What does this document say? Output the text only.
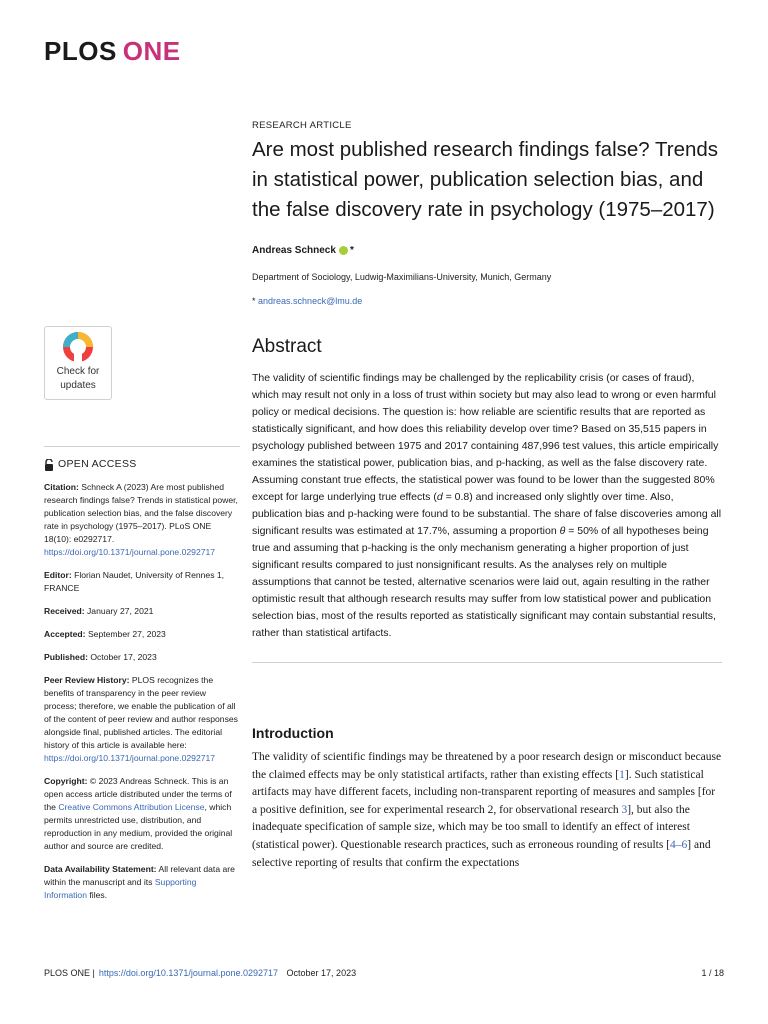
PLOS ONE
Check for
updates
OPEN ACCESS
Citation: Schneck A (2023) Are most published research findings false? Trends in statistical power, publication selection bias, and the false discovery rate in psychology (1975–2017). PLoS ONE 18(10): e0292717. https://doi.org/10.1371/journal.pone.0292717
Editor: Florian Naudet, University of Rennes 1, FRANCE
Received: January 27, 2021
Accepted: September 27, 2023
Published: October 17, 2023
Peer Review History: PLOS recognizes the benefits of transparency in the peer review process; therefore, we enable the publication of all of the content of peer review and author responses alongside final, published articles. The editorial history of this article is available here: https://doi.org/10.1371/journal.pone.0292717
Copyright: © 2023 Andreas Schneck. This is an open access article distributed under the terms of the Creative Commons Attribution License, which permits unrestricted use, distribution, and reproduction in any medium, provided the original author and source are credited.
Data Availability Statement: All relevant data are within the manuscript and its Supporting Information files.
RESEARCH ARTICLE
Are most published research findings false? Trends in statistical power, publication selection bias, and the false discovery rate in psychology (1975–2017)
Andreas Schneck *
Department of Sociology, Ludwig-Maximilians-University, Munich, Germany
* andreas.schneck@lmu.de
Abstract
The validity of scientific findings may be challenged by the replicability crisis (or cases of fraud), which may result not only in a loss of trust within society but may also lead to wrong or even harmful policy or medical decisions. The question is: how reliable are scientific results that are reported as statistically significant, and how does this reliability develop over time? Based on 35,515 papers in psychology published between 1975 and 2017 containing 487,996 test values, this article empirically examines the statistical power, publication bias, and p-hacking, as well as the false discovery rate. Assuming constant true effects, the statistical power was found to be lower than the suggested 80% except for large underlying true effects (d = 0.8) and increased only slightly over time. Also, publication bias and p-hacking were found to be substantial. The share of false discoveries among all significant results was estimated at 17.7%, assuming a proportion θ = 50% of all hypotheses being true and assuming that p-hacking is the only mechanism generating a higher proportion of just significant results compared to just nonsignificant results. As the analyses rely on multiple assumptions that cannot be tested, alternative scenarios were laid out, again resulting in the rather optimistic result that although research results may suffer from low statistical power and publication selection bias, most of the results reported as statistically significant may contain substantial results, rather than statistical artifacts.
Introduction
The validity of scientific findings may be threatened by a poor research design or misconduct because the claimed effects may be only statistical artifacts, rather than existing effects [1]. Such statistical artifacts may have different facets, including non-transparent reporting of measures and samples [for a positive definition, see for experimental research 2, for observational research 3], but also the inadequate specification of sample size, which may be too small to identify an effect of interest (statistical power). Questionable research practices, such as erroneous rounding of results [4–6] and selective reporting of results that confirm the expectations
PLOS ONE | https://doi.org/10.1371/journal.pone.0292717 October 17, 2023	1 / 18
